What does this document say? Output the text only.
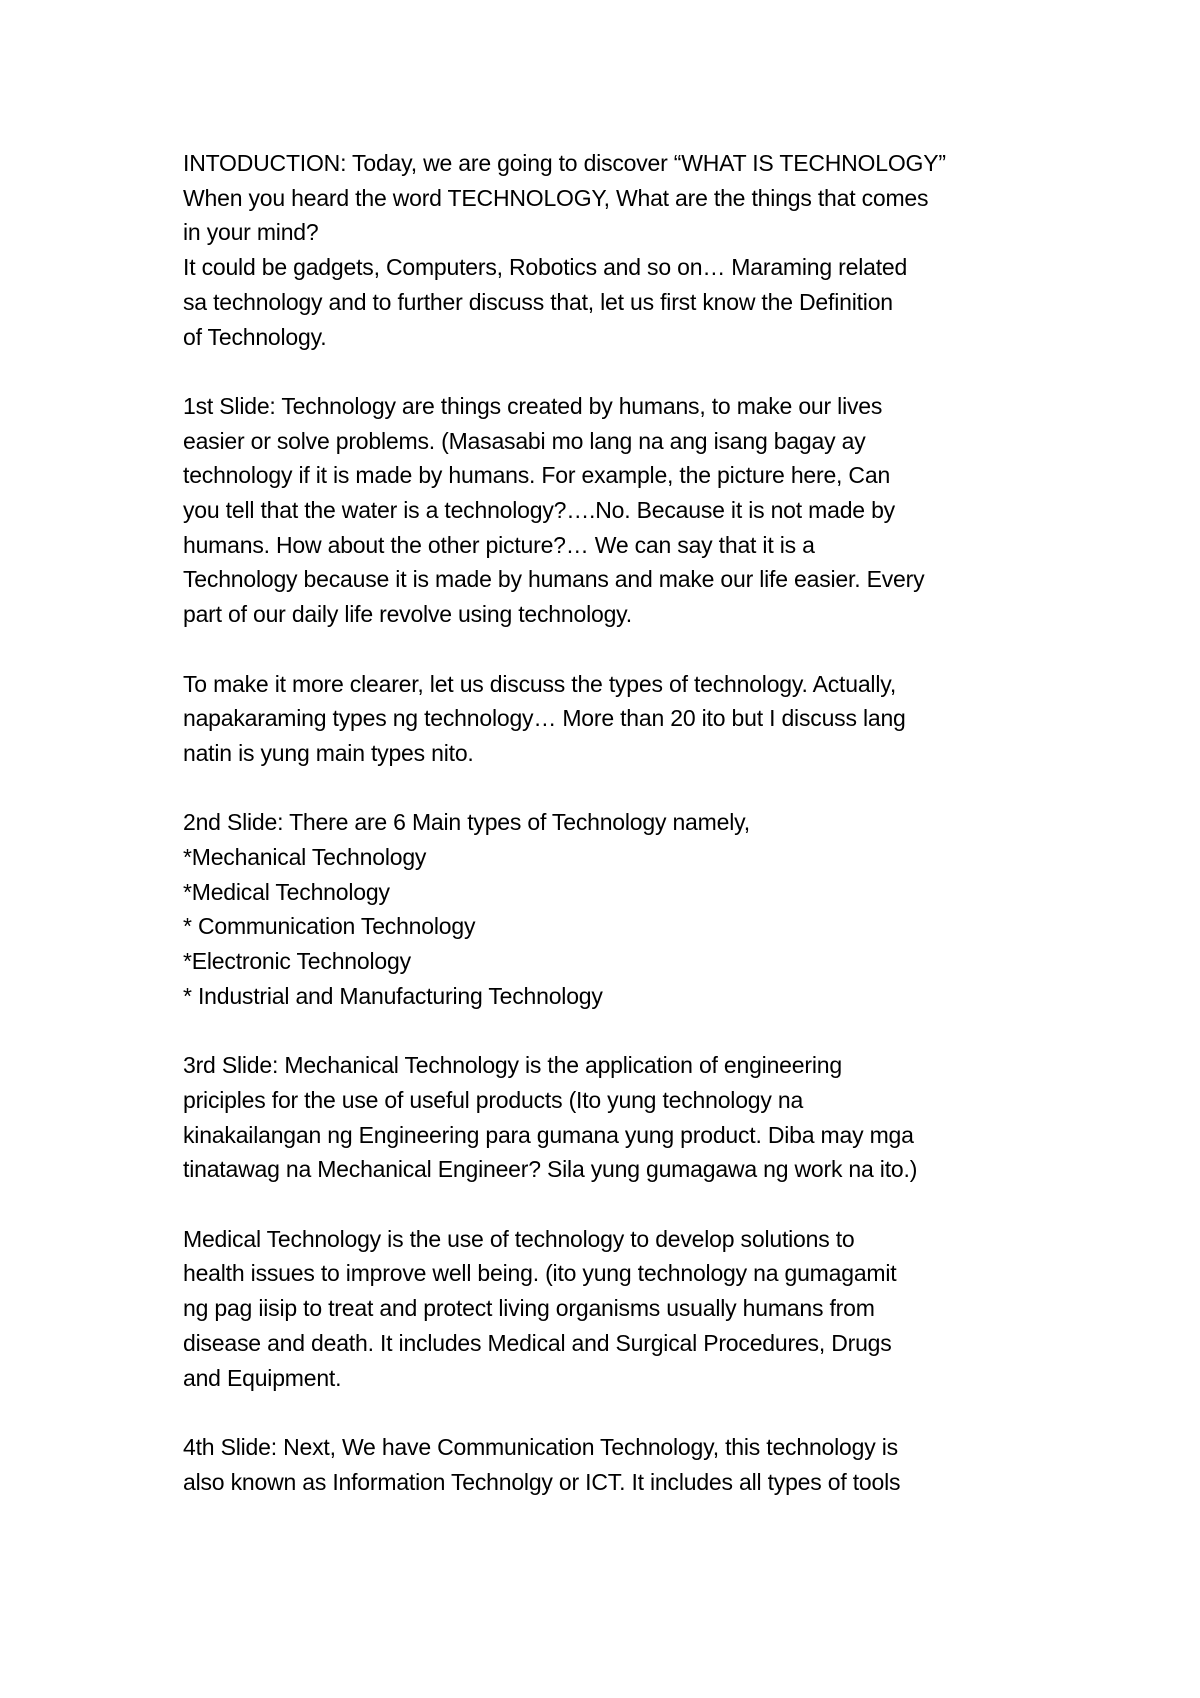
INTODUCTION: Today, we are going to discover “WHAT IS TECHNOLOGY”
When you heard the word TECHNOLOGY, What are the things that comes
in your mind?
It could be gadgets, Computers, Robotics and so on… Maraming related
sa technology and to further discuss that, let us first know the Definition
of Technology.

1st Slide: Technology are things created by humans, to make our lives
easier or solve problems. (Masasabi mo lang na ang isang bagay ay
technology if it is made by humans. For example, the picture here, Can
you tell that the water is a technology?….No. Because it is not made by
humans. How about the other picture?… We can say that it is a
Technology because it is made by humans and make our life easier. Every
part of our daily life revolve using technology.

To make it more clearer, let us discuss the types of technology. Actually,
napakaraming types ng technology… More than 20 ito but I discuss lang
natin is yung main types nito.

2nd Slide: There are 6 Main types of Technology namely,
*Mechanical Technology
*Medical Technology
* Communication Technology
*Electronic Technology
* Industrial and Manufacturing Technology

3rd Slide: Mechanical Technology is the application of engineering
priciples for the use of useful products (Ito yung technology na
kinakailangan ng Engineering para gumana yung product. Diba may mga
tinatawag na Mechanical Engineer? Sila yung gumagawa ng work na ito.)

Medical Technology is the use of technology to develop solutions to
health issues to improve well being. (ito yung technology na gumagamit
ng pag iisip to treat and protect living organisms usually humans from
disease and death. It includes Medical and Surgical Procedures, Drugs
and Equipment.

4th Slide: Next, We have Communication Technology, this technology is
also known as Information Technolgy or ICT. It includes all types of tools
